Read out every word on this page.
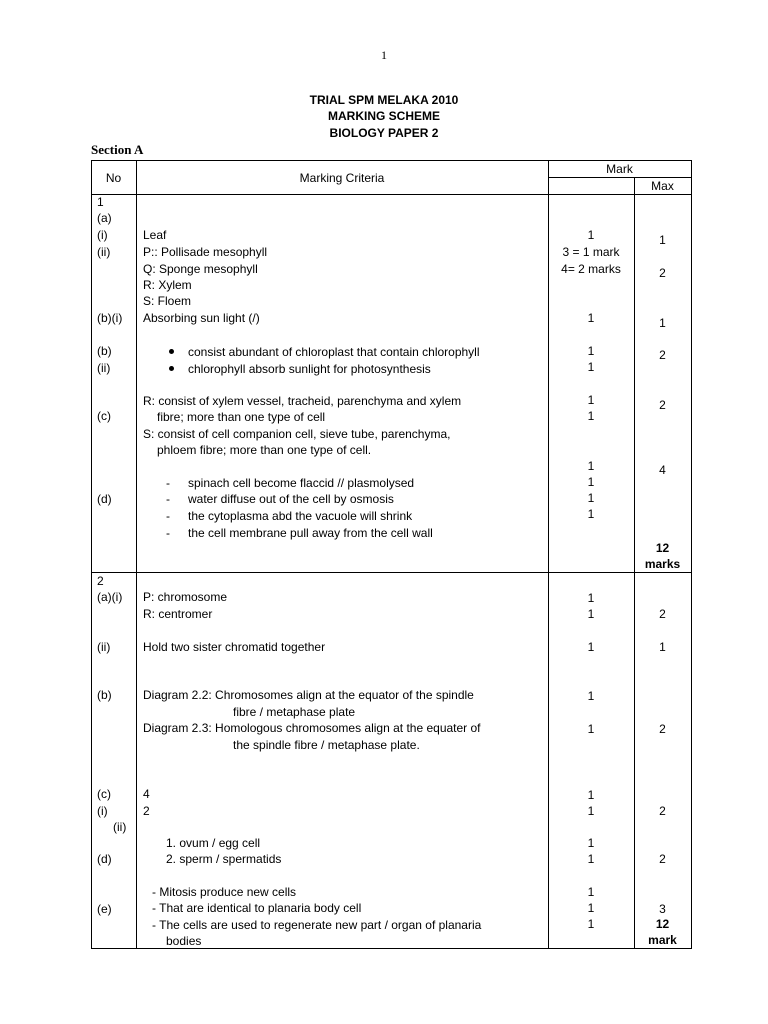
1
TRIAL SPM MELAKA 2010
MARKING SCHEME
BIOLOGY PAPER 2
Section A
No	Marking Criteria
Mark
Max
1
(a)
(i)
(ii)
(b)(i)
(b)
(ii)
(c)
(d)
Leaf
P:: Pollisade mesophyll
Q: Sponge mesophyll
R: Xylem
S: Floem
Absorbing sun light (/)
consist abundant of chloroplast that contain chlorophyll
chlorophyll absorb sunlight for photosynthesis
R: consist of xylem vessel, tracheid, parenchyma and xylem
fibre; more than one type of cell
S: consist of cell companion cell, sieve tube, parenchyma,
phloem fibre; more than one type of cell.
- spinach cell become flaccid // plasmolysed
- water diffuse out of the cell by osmosis
- the cytoplasma abd the vacuole will shrink
- the cell membrane pull away from the cell wall
1
3 = 1 mark
4= 2 marks
1
1
1
1
1
1
1
1
1
1
2
1
2
2
4
12
marks
2
(a)(i)
(ii)
(b)
(c)
(i)
(ii)
(d)
(e)
P: chromosome
R: centromer
Hold two sister chromatid together
Diagram 2.2: Chromosomes align at the equator of the spindle
fibre / metaphase plate
Diagram 2.3: Homologous chromosomes align at the equater of
the spindle fibre / metaphase plate.
4
2
1. ovum / egg cell
2. sperm / spermatids
- Mitosis produce new cells
- That are identical to planaria body cell
- The cells are used to regenerate new part / organ of planaria
bodies
1
1
1
1
1
1
1
1
1
1
1
1
2
1
2
2
2
3
12
mark
